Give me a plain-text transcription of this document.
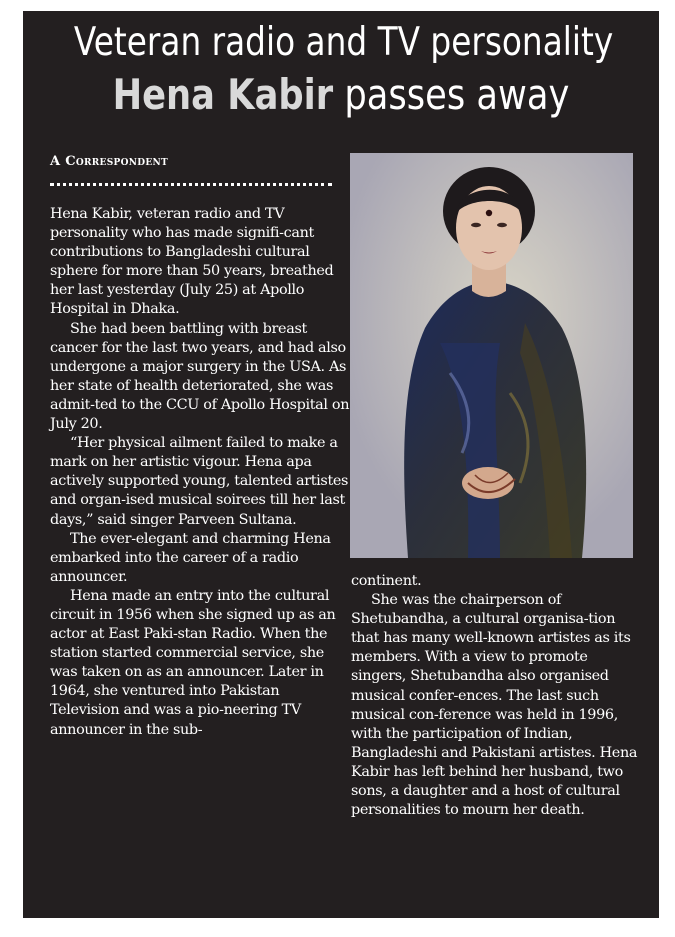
Veteran radio and TV personality
Hena Kabir passes away
A Correspondent

Hena Kabir, veteran radio and TV personality who has made signifi-cant contributions to Bangladeshi cultural sphere for more than 50 years, breathed her last yesterday (July 25) at Apollo Hospital in Dhaka.

She had been battling with breast cancer for the last two years, and had also undergone a major surgery in the USA. As her state of health deteriorated, she was admit-ted to the CCU of Apollo Hospital on July 20.

“Her physical ailment failed to make a mark on her artistic vigour. Hena apa actively supported young, talented artistes and organ-ised musical soirees till her last days,” said singer Parveen Sultana.

The ever-elegant and charming Hena embarked into the career of a radio announcer.

Hena made an entry into the cultural circuit in 1956 when she signed up as an actor at East Paki-stan Radio. When the station started commercial service, she was taken on as an announcer. Later in 1964, she ventured into Pakistan Television and was a pio-neering TV announcer in the sub-

continent.

She was the chairperson of Shetubandha, a cultural organisa-tion that has many well-known artistes as its members. With a view to promote singers, Shetubandha also organised musical confer-ences. The last such musical con-ference was held in 1996, with the participation of Indian, Bangladeshi and Pakistani artistes. Hena Kabir has left behind her husband, two sons, a daughter and a host of cultural personalities to mourn her death.
